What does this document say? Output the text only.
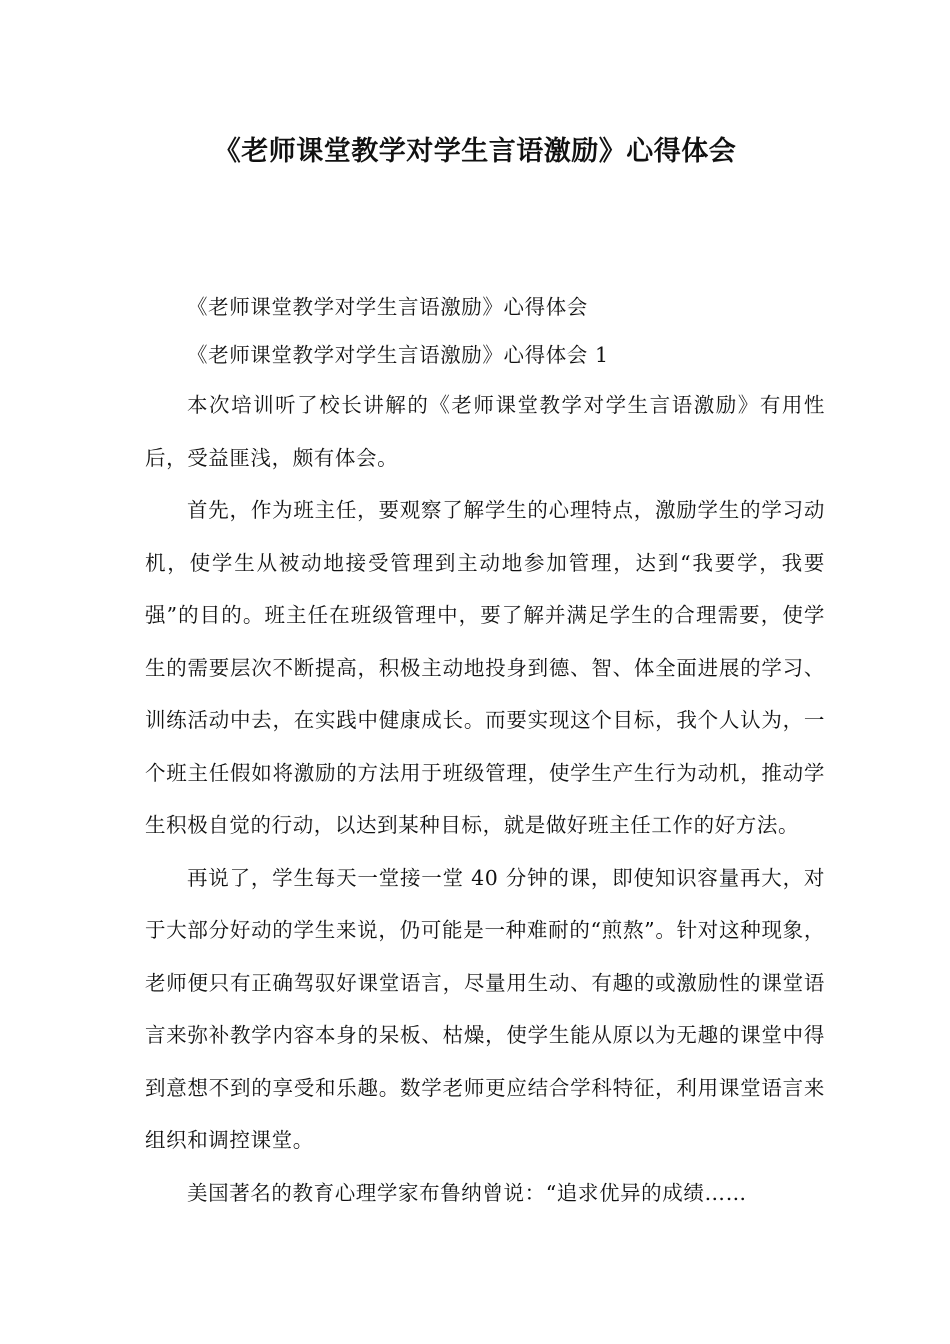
《老师课堂教学对学生言语激励》心得体会

《老师课堂教学对学生言语激励》心得体会

《老师课堂教学对学生言语激励》心得体会 1

本次培训听了校长讲解的《老师课堂教学对学生言语激励》有用性后，受益匪浅，颇有体会。

首先，作为班主任，要观察了解学生的心理特点，激励学生的学习动机，使学生从被动地接受管理到主动地参加管理，达到“我要学，我要强”的目的。班主任在班级管理中，要了解并满足学生的合理需要，使学生的需要层次不断提高，积极主动地投身到德、智、体全面进展的学习、训练活动中去，在实践中健康成长。而要实现这个目标，我个人认为，一个班主任假如将激励的方法用于班级管理，使学生产生行为动机，推动学生积极自觉的行动，以达到某种目标，就是做好班主任工作的好方法。

再说了，学生每天一堂接一堂 40 分钟的课，即使知识容量再大，对于大部分好动的学生来说，仍可能是一种难耐的“煎熬”。针对这种现象，老师便只有正确驾驭好课堂语言，尽量用生动、有趣的或激励性的课堂语言来弥补教学内容本身的呆板、枯燥，使学生能从原以为无趣的课堂中得到意想不到的享受和乐趣。数学老师更应结合学科特征，利用课堂语言来组织和调控课堂。

美国著名的教育心理学家布鲁纳曾说：“追求优异的成绩……
